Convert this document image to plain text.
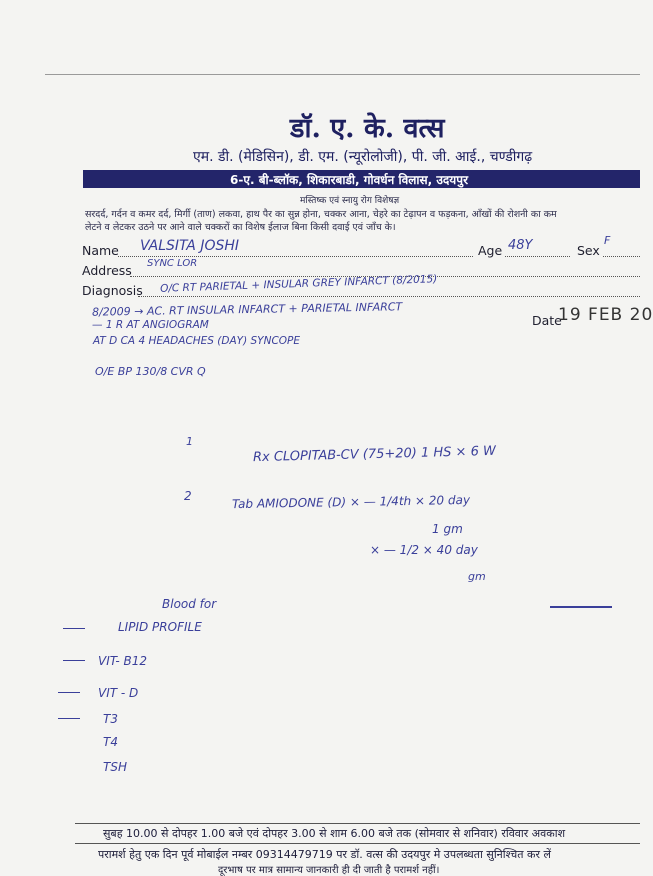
डॉ. ए. के. वत्स
एम. डी. (मेडिसिन), डी. एम. (न्यूरोलोजी), पी. जी. आई., चण्डीगढ़
6-ए. बी-ब्लॉक, शिकारबाडी, गोवर्धन विलास, उदयपुर
मस्तिष्क एवं स्नायु रोग विशेषज्ञ
सरदर्द, गर्दन व कमर दर्द, मिर्गी (ताण) लकवा, हाथ पैर का सुन्न होना, चक्कर आना, चेहरे का टेढ़ापन व फड़कना, आँखों की रोशनी का कम
लेटने व लेटकर उठने पर आने वाले चक्करों का विशेष ईलाज बिना किसी दवाई एवं जाँच के।
Name VALSITA JOSHI	Age 48Y	Sex
F
Address SYNC LOR
Diagnosis O/C RT PARIETAL + INSULAR GREY INFARCT (8/2015)
Date
19 FEB 20
8/2009 → AC. RT INSULAR INFARCT + PARIETAL INFARCT
— 1 R AT ANGIOGRAM
AT D CA 4 HEADACHES (DAY) SYNCOPE
O/E BP 130/8 CVR Q
1
Rx CLOPITAB-CV (75+20) 1 HS × 6 W
2	Tab AMIODONE (D) × — 1/4th × 20 day
1 gm
× — 1/2 × 40 day
gm
Blood for
LIPID PROFILE
VIT- B12
VIT - D
T3
T4
TSH
सुबह 10.00 से दोपहर 1.00 बजे एवं दोपहर 3.00 से शाम 6.00 बजे तक (सोमवार से शनिवार) रविवार अवकाश
परामर्श हेतु एक दिन पूर्व मोबाईल नम्बर 09314479719 पर डॉ. वत्स की उदयपुर मे उपलब्धता सुनिश्चित कर लें
दूरभाष पर मात्र सामान्य जानकारी ही दी जाती है परामर्श नहीं।
